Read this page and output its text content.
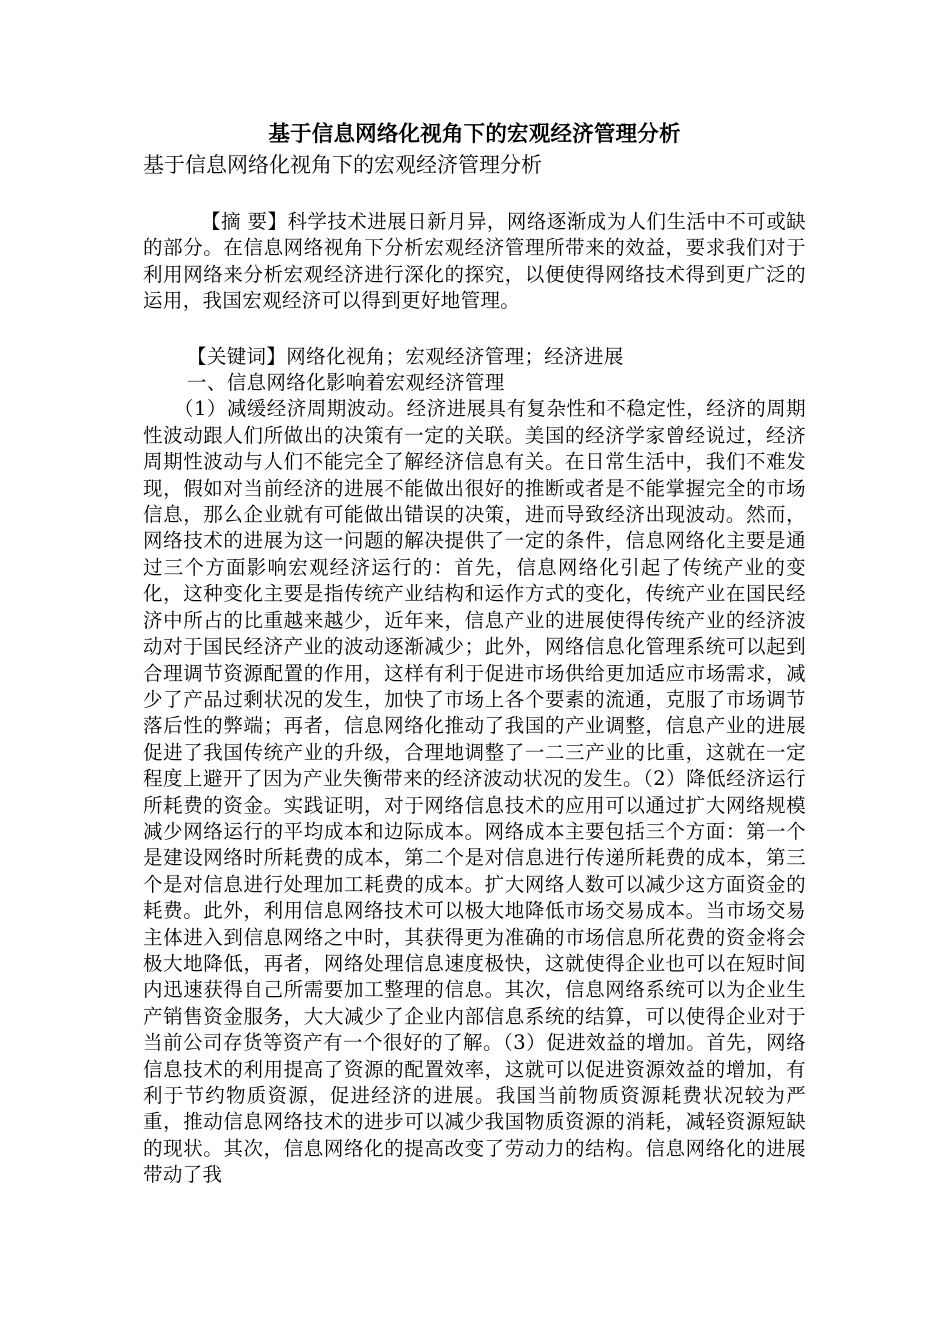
基于信息网络化视角下的宏观经济管理分析

基于信息网络化视角下的宏观经济管理分析

【摘 要】科学技术进展日新月异，网络逐渐成为人们生活中不可或缺的部分。在信息网络视角下分析宏观经济管理所带来的效益，要求我们对于利用网络来分析宏观经济进行深化的探究，以便使得网络技术得到更广泛的运用，我国宏观经济可以得到更好地管理。

【关键词】网络化视角；宏观经济管理；经济进展

一、信息网络化影响着宏观经济管理

（1）减缓经济周期波动。经济进展具有复杂性和不稳定性，经济的周期性波动跟人们所做出的决策有一定的关联。美国的经济学家曾经说过，经济周期性波动与人们不能完全了解经济信息有关。在日常生活中，我们不难发现，假如对当前经济的进展不能做出很好的推断或者是不能掌握完全的市场信息，那么企业就有可能做出错误的决策，进而导致经济出现波动。然而，网络技术的进展为这一问题的解决提供了一定的条件，信息网络化主要是通过三个方面影响宏观经济运行的：首先，信息网络化引起了传统产业的变化，这种变化主要是指传统产业结构和运作方式的变化，传统产业在国民经济中所占的比重越来越少，近年来，信息产业的进展使得传统产业的经济波动对于国民经济产业的波动逐渐减少；此外，网络信息化管理系统可以起到合理调节资源配置的作用，这样有利于促进市场供给更加适应市场需求，减少了产品过剩状况的发生，加快了市场上各个要素的流通，克服了市场调节落后性的弊端；再者，信息网络化推动了我国的产业调整，信息产业的进展促进了我国传统产业的升级，合理地调整了一二三产业的比重，这就在一定程度上避开了因为产业失衡带来的经济波动状况的发生。（2）降低经济运行所耗费的资金。实践证明，对于网络信息技术的应用可以通过扩大网络规模减少网络运行的平均成本和边际成本。网络成本主要包括三个方面：第一个是建设网络时所耗费的成本，第二个是对信息进行传递所耗费的成本，第三个是对信息进行处理加工耗费的成本。扩大网络人数可以减少这方面资金的耗费。此外，利用信息网络技术可以极大地降低市场交易成本。当市场交易主体进入到信息网络之中时，其获得更为准确的市场信息所花费的资金将会极大地降低，再者，网络处理信息速度极快，这就使得企业也可以在短时间内迅速获得自己所需要加工整理的信息。其次，信息网络系统可以为企业生产销售资金服务，大大减少了企业内部信息系统的结算，可以使得企业对于当前公司存货等资产有一个很好的了解。（3）促进效益的增加。首先，网络信息技术的利用提高了资源的配置效率，这就可以促进资源效益的增加，有利于节约物质资源，促进经济的进展。我国当前物质资源耗费状况较为严重，推动信息网络技术的进步可以减少我国物质资源的消耗，减轻资源短缺的现状。其次，信息网络化的提高改变了劳动力的结构。信息网络化的进展带动了我
